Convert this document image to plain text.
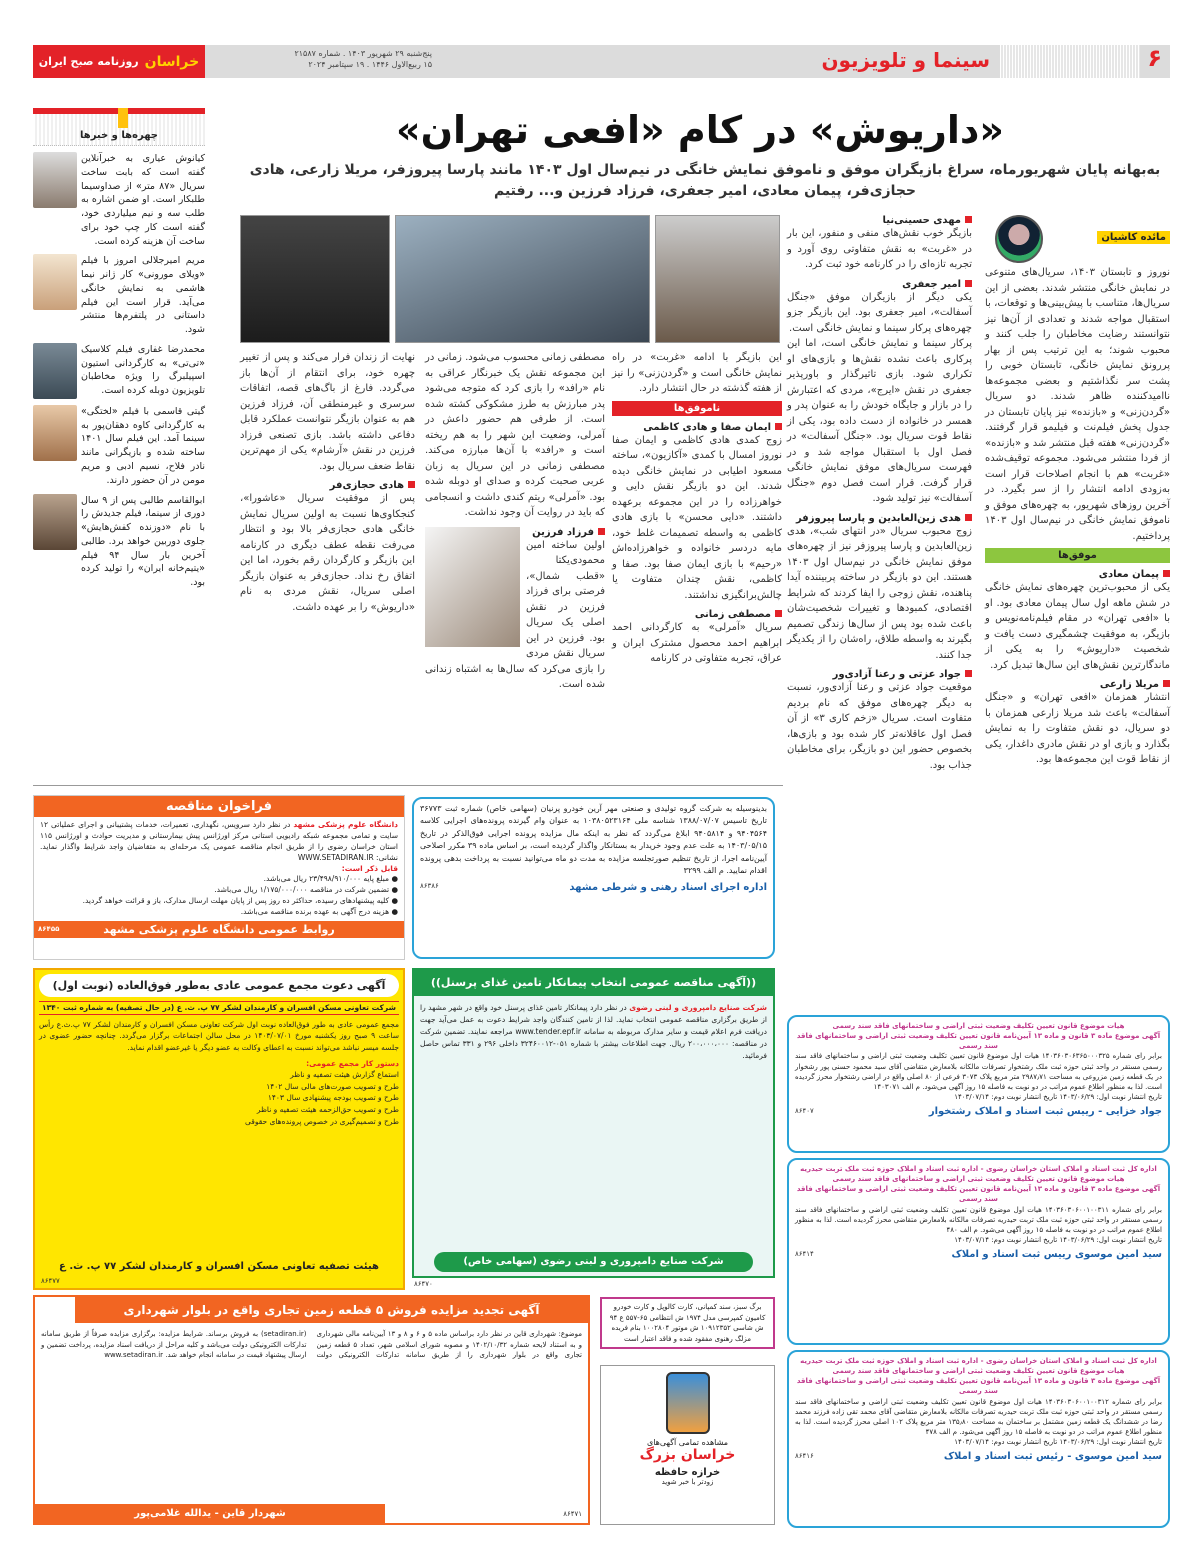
خراسان
روزنامه صبح ایران
پنج‌شنبه ۲۹ شهریور ۱۴۰۳ . شماره ۲۱۵۸۷
۱۵ ربیع‌الاول ۱۴۴۶ . ۱۹ سپتامبر ۲۰۲۴	سینما و تلویزیون	۶
چهره‌ها و خبرها

کیانوش عیاری به خبرآنلاین گفته است که بابت ساخت سریال «۸۷ متر» از صداوسیما طلبکار است. او ضمن اشاره به طلب سه و نیم میلیاردی خود، گفته است کار چپ خود برای ساخت آن هزینه کرده است.

مریم امیرجلالی امروز با فیلم «ویلای مورونی» کار ژانر نیما هاشمی به نمایش خانگی می‌آید. قرار است این فیلم داستانی در پلتفرم‌ها منتشر شود.

محمدرضا غفاری فیلم کلاسیک «تی‌تی» به کارگردانی استیون اسپیلبرگ را ویژه مخاطبان تلویزیون دوبله کرده است.

گیتی قاسمی با فیلم «لختگی» به کارگردانی کاوه دهقان‌پور به سینما آمد. این فیلم سال ۱۴۰۱ ساخته شده و بازیگرانی مانند نادر فلاح، نسیم ادبی و مریم مومن در آن حضور دارند.

ابوالقاسم طالبی پس از ۹ سال دوری از سینما، فیلم جدیدش را با نام «دوزنده کفش‌هایش» جلوی دوربین خواهد برد. طالبی آخرین بار سال ۹۴ فیلم «یتیم‌خانه ایران» را تولید کرده بود.

«داریوش» در کام «افعی تهران»
به‌بهانه پایان شهریورماه، سراغ بازیگران موفق و ناموفق نمایش خانگی در نیم‌سال اول ۱۴۰۳ مانند پارسا پیروزفر، مریلا زارعی، هادی حجازی‌فر، پیمان معادی، امیر جعفری، فرزاد فرزین و... رفتیم
مائده کاشیان

نوروز و تابستان ۱۴۰۳، سریال‌های متنوعی در نمایش خانگی منتشر شدند. بعضی از این سریال‌ها، متناسب با پیش‌بینی‌ها و توقعات، با استقبال مواجه شدند و تعدادی از آن‌ها نیز نتوانستند رضایت مخاطبان را جلب کنند و محبوب شوند؛ به این ترتیب پس از بهار پررونق نمایش خانگی، تابستان خوبی را پشت سر نگذاشتیم و بعضی مجموعه‌ها ناامیدکننده ظاهر شدند. دو سریال «گردن‌زنی» و «بازنده» نیز پایان تابستان در جدول پخش فیلم‌نت و فیلیمو قرار گرفتند. «گردن‌زنی» هفته قبل منتشر شد و «بازنده» از فردا منتشر می‌شود. مجموعه توقیف‌شده «غربت» هم با انجام اصلاحات قرار است به‌زودی ادامه انتشار را از سر بگیرد. در آخرین روزهای شهریور، به چهره‌های موفق و ناموفق نمایش خانگی در نیم‌سال اول ۱۴۰۳ پرداختیم.

موفق‌ها
پیمان معادی

یکی از محبوب‌ترین چهره‌های نمایش خانگی در شش ماهه اول سال پیمان معادی بود. او با «افعی تهران» در مقام فیلم‌نامه‌نویس و بازیگر، به موفقیت چشمگیری دست یافت و شخصیت «داریوش» را به یکی از ماندگارترین نقش‌های این سال‌ها تبدیل کرد.

مریلا زارعی

انتشار همزمان «افعی تهران» و «جنگل آسفالت» باعث شد مریلا زارعی همزمان با دو سریال، دو نقش متفاوت را به نمایش بگذارد و بازی او در نقش مادری داغدار، یکی از نقاط قوت این مجموعه‌ها بود.

مهدی حسینی‌نیا

بازیگر خوب نقش‌های منفی و منفور، این بار در «غربت» به نقش متفاوتی روی آورد و تجربه تازه‌ای را در کارنامه خود ثبت کرد.

امیر جعفری

یکی دیگر از بازیگران موفق «جنگل آسفالت»، امیر جعفری بود. این بازیگر جزو چهره‌های پرکار سینما و نمایش خانگی است.

پرکار سینما و نمایش خانگی است، اما این پرکاری باعث نشده نقش‌ها و بازی‌های او تکراری شود. بازی تاثیرگذار و باورپذیر جعفری در نقش «ایرج»، مردی که اعتبارش را در بازار و جایگاه خودش را به عنوان پدر و همسر در خانواده از دست داده بود، یکی از نقاط قوت سریال بود. «جنگل آسفالت» در فصل اول با استقبال مواجه شد و در فهرست سریال‌های موفق نمایش خانگی قرار گرفت. قرار است فصل دوم «جنگل آسفالت» نیز تولید شود.

هدی زین‌العابدین و پارسا پیروزفر

زوج محبوب سریال «در انتهای شب»، هدی زین‌العابدین و پارسا پیروزفر نیز از چهره‌های موفق نمایش خانگی در نیم‌سال اول ۱۴۰۳ هستند. این دو بازیگر در ساخته پربیننده آیدا پناهنده، نقش زوجی را ایفا کردند که شرایط اقتصادی، کمبودها و تغییرات شخصیت‌شان باعث شده بود پس از سال‌ها زندگی تصمیم بگیرند به واسطه طلاق، راه‌شان را از یکدیگر جدا کنند.

جواد عزتی و رعنا آزادی‌ور

موقعیت جواد عزتی و رعنا آزادی‌ور، نسبت به دیگر چهره‌های موفق که نام بردیم متفاوت است. سریال «زخم کاری ۳» از آن فصل اول عاقلانه‌تر کار شده بود و بازی‌ها، بخصوص حضور این دو بازیگر، برای مخاطبان جذاب بود.

این بازیگر با ادامه «غربت» در راه نمایش خانگی است و «گردن‌زنی» را نیز از هفته گذشته در حال انتشار دارد.

ناموفق‌ها
ایمان صفا و هادی کاظمی

زوج کمدی هادی کاظمی و ایمان صفا نوروز امسال با کمدی «آکازیون»، ساخته مسعود اطیابی در نمایش خانگی دیده شدند. این دو بازیگر نقش دایی و خواهرزاده را در این مجموعه برعهده داشتند. «دایی محسن» با بازی هادی کاظمی به واسطه تصمیمات غلط خود، مایه دردسر خانواده و خواهرزاده‌اش «رحیم» با بازی ایمان صفا بود. صفا و کاظمی، نقش چندان متفاوت یا چالش‌برانگیزی نداشتند.

مصطفی زمانی

سریال «آمرلی» به کارگردانی احمد ابراهیم احمد محصول مشترک ایران و عراق، تجربه متفاوتی در کارنامه

مصطفی زمانی محسوب می‌شود. زمانی در این مجموعه نقش یک خبرنگار عراقی به نام «رافد» را بازی کرد که متوجه می‌شود پدر مبارزش به طرز مشکوکی کشته شده است. از طرفی هم حضور داعش در آمرلی، وضعیت این شهر را به هم ریخته است و «رافد» با آن‌ها مبارزه می‌کند. مصطفی زمانی در این سریال به زبان عربی صحبت کرده و صدای او دوبله شده بود. «آمرلی» ریتم کندی داشت و انسجامی که باید در روایت آن وجود نداشت.

فرزاد فرزین

اولین ساخته امین محمودی‌یکتا «قطب شمال»، فرصتی برای فرزاد فرزین در نقش اصلی یک سریال بود. فرزین در این سریال نقش مردی را بازی می‌کرد که سال‌ها به اشتباه زندانی شده است.

نهایت از زندان فرار می‌کند و پس از تغییر چهره خود، برای انتقام از آن‌ها باز می‌گردد. فارغ از باگ‌های قصه، اتفاقات سرسری و غیرمنطقی آن، فرزاد فرزین هم به عنوان بازیگر نتوانست عملکرد قابل دفاعی داشته باشد. بازی تصنعی فرزاد فرزین در نقش «آرشام» یکی از مهم‌ترین نقاط ضعف سریال بود.

هادی حجازی‌فر

پس از موفقیت سریال «عاشورا»، کنجکاوی‌ها نسبت به اولین سریال نمایش خانگی هادی حجازی‌فر بالا بود و انتظار می‌رفت نقطه عطف دیگری در کارنامه این بازیگر و کارگردان رقم بخورد، اما این اتفاق رخ نداد. حجازی‌فر به عنوان بازیگر اصلی سریال، نقش مردی به نام «داریوش» را بر عهده داشت.

فراخوان مناقصه
دانشگاه علوم پزشکی مشهد در نظر دارد سرویس، نگهداری، تعمیرات، خدمات پشتیبانی و اجرای عملیاتی ۱۲ سایت و تمامی مجموعه شبکه رادیویی استانی مرکز اورژانس پیش بیمارستانی و مدیریت حوادث و اورژانس ۱۱۵ استان خراسان رضوی را از طریق انجام مناقصه عمومی یک مرحله‌ای به متقاضیان واجد شرایط واگذار نماید. نشانی: WWW.SETADIRAN.IR
قابل ذکر است:
● مبلغ پایه ۲۳/۴۹۸/۹۱۰/۰۰۰ ریال می‌باشد.
● تضمین شرکت در مناقصه ۱/۱۷۵/۰۰۰/۰۰۰ ریال می‌باشد.
● کلیه پیشنهادهای رسیده، حداکثر ده روز پس از پایان مهلت ارسال مدارک، باز و قرائت خواهد گردید.
● هزینه درج آگهی به عهده برنده مناقصه می‌باشد.
روابط عمومی دانشگاه علوم پزشکی مشهد
۸۶۴۵۵

بدینوسیله به شرکت گروه تولیدی و صنعتی مهر آرین خودرو پرنیان (سهامی خاص) شماره ثبت ۳۶۷۷۳ تاریخ تاسیس ۱۳۸۸/۰۷/۰۷ شناسه ملی ۱۰۳۸۰۵۲۳۱۶۴ به عنوان وام گیرنده پرونده‌های اجرایی کلاسه ۹۴۰۴۵۶۴ و ۹۴۰۵۸۱۴ ابلاغ می‌گردد که نظر به اینکه مال مزایده پرونده اجرایی فوق‌الذکر در تاریخ ۱۴۰۳/۰۵/۱۵ به علت عدم وجود خریدار به بستانکار واگذار گردیده است، بر اساس ماده ۳۹ مکرر اصلاحی آیین‌نامه اجرا، از تاریخ تنظیم صورتجلسه مزایده به مدت دو ماه می‌توانید نسبت به پرداخت بدهی پرونده اقدام نمایید. م الف ۳۲۹۹

اداره اجرای اسناد رهنی و شرطی مشهد
۸۶۳۸۶
آگهی دعوت مجمع عمومی عادی به‌طور فوق‌العاده (نوبت اول)
شرکت تعاونی مسکن افسران و کارمندان لشکر ۷۷ پ. ث. ع (در حال تصفیه) به شماره ثبت ۱۳۴۰

مجمع عمومی عادی به طور فوق‌العاده نوبت اول شرکت تعاونی مسکن افسران و کارمندان لشکر ۷۷ پ.ث.ع رأس ساعت ۹ صبح روز یکشنبه مورخ ۱۴۰۳/۰۷/۰۱ در محل سالن اجتماعات برگزار می‌گردد. چنانچه حضور عضوی در جلسه میسر نباشد می‌تواند نسبت به اعطای وکالت به عضو دیگر یا غیرعضو اقدام نماید.

دستور کار مجمع عمومی:
استماع گزارش هیئت تصفیه و ناظر
طرح و تصویب صورت‌های مالی سال ۱۴۰۲
طرح و تصویب بودجه پیشنهادی سال ۱۴۰۳
طرح و تصویب حق‌الزحمه هیئت تصفیه و ناظر
طرح و تصمیم‌گیری در خصوص پرونده‌های حقوقی
هیئت تصفیه تعاونی مسکن افسران و کارمندان لشکر ۷۷ پ. ث. ع
۸۶۴۷۷
((آگهی مناقصه عمومی انتخاب پیمانکار تامین غذای پرسنل))
شرکت صنایع دامپروری و لبنی رضوی در نظر دارد پیمانکار تامین غذای پرسنل خود واقع در شهر مشهد را از طریق برگزاری مناقصه عمومی انتخاب نماید. لذا از تامین کنندگان واجد شرایط دعوت به عمل می‌آید جهت دریافت فرم اعلام قیمت و سایر مدارک مربوطه به سامانه www.tender.epf.ir مراجعه نمایند. تضمین شرکت در مناقصه: ۲۰۰،۰۰۰،۰۰۰ ریال. جهت اطلاعات بیشتر با شماره ۰۵۱-۳۲۴۶۰۰۱۲ داخلی ۲۹۶ و ۳۳۱ تماس حاصل فرمائید.
شرکت صنایع دامپروری و لبنی رضوی (سهامی خاص)
۸۶۴۷۰
آگهی تجدید مزایده فروش ۵ قطعه زمین تجاری واقع در بلوار شهرداری

موضوع: شهرداری قاین در نظر دارد براساس ماده ۵ و ۶ و ۸ و ۱۳ آیین‌نامه مالی شهرداری و به استناد لایحه شماره ۱۴۰۲/۱۰/۳۲ و مصوبه شورای اسلامی شهر، تعداد ۵ قطعه زمین تجاری واقع در بلوار شهرداری را از طریق سامانه تدارکات الکترونیکی دولت (setadiran.ir) به فروش برساند. شرایط مزایده: برگزاری مزایده صرفاً از طریق سامانه تدارکات الکترونیکی دولت می‌باشد و کلیه مراحل از دریافت اسناد مزایده، پرداخت تضمین و ارسال پیشنهاد قیمت در سامانه انجام خواهد شد. www.setadiran.ir

شهردار قاین - یدالله غلامی‌پور	۸۶۴۷۱

برگ سبز، سند کمپانی، کارت کالوپل و کارت خودرو کامیون کمپرسی مدل ۱۹۷۴ ش انتظامی ۶۵-۵۵۷ ع ۹۴ ش شاسی ۱۰۹۱۲۳۵۲ ش موتور ۱۰۰۲۸۰۴ بنام فریده مزلگ رهنوی مفقود شده و فاقد اعتبار است

مشاهده تمامی آگهی‌های
خراسان بزرگ
خرازه حافظه
زودتر با خبر شوید
هیات موضوع قانون تعیین تکلیف وضعیت ثبتی اراضی و ساختمانهای فاقد سند رسمی
آگهی موضوع ماده ۳ قانون و ماده ۱۳ آیین‌نامه قانون تعیین تکلیف وضعیت ثبتی اراضی و ساختمانهای فاقد سند رسمی

برابر رای شماره ۱۴۰۳۶۰۳۰۶۳۶۵۰۰۰۳۲۵ هیات اول موضوع قانون تعیین تکلیف وضعیت ثبتی اراضی و ساختمانهای فاقد سند رسمی مستقر در واحد ثبتی حوزه ثبت ملک رشتخوار تصرفات مالکانه بلامعارض متقاضی آقای سید محمود حسنی پور رشخوار در یک قطعه زمین مزروعی به مساحت ۲۹۸۷٫۷۱ متر مربع پلاک ۳۰۷۳ فرعی از ۸۰ اصلی واقع در اراضی رشتخوار محرز گردیده است. لذا به منظور اطلاع عموم مراتب در دو نوبت به فاصله ۱۵ روز آگهی می‌شود. م الف ۱۴۰۳۰۷۱

تاریخ انتشار نوبت اول: ۱۴۰۳/۰۶/۲۹ تاریخ انتشار نوبت دوم: ۱۴۰۳/۰۷/۱۴
جواد خزایی - رییس ثبت اسناد و املاک رشتخوار
۸۶۴۰۷
اداره کل ثبت اسناد و املاک استان خراسان رضوی - اداره ثبت اسناد و املاک حوزه ثبت ملک تربت حیدریه
هیات موضوع قانون تعیین تکلیف وضعیت ثبتی اراضی و ساختمانهای فاقد سند رسمی
آگهی موضوع ماده ۳ قانون و ماده ۱۳ آیین‌نامه قانون تعیین تکلیف وضعیت ثبتی اراضی و ساختمانهای فاقد سند رسمی

برابر رای شماره ۱۴۰۳۶۰۳۰۶۰۰۱۰۰۳۱۱ هیات اول موضوع قانون تعیین تکلیف وضعیت ثبتی اراضی و ساختمانهای فاقد سند رسمی مستقر در واحد ثبتی حوزه ثبت ملک تربت حیدریه تصرفات مالکانه بلامعارض متقاضی محرز گردیده است. لذا به منظور اطلاع عموم مراتب در دو نوبت به فاصله ۱۵ روز آگهی می‌شود. م الف ۴۸۰

تاریخ انتشار نوبت اول: ۱۴۰۳/۰۶/۲۹ تاریخ انتشار نوبت دوم: ۱۴۰۳/۰۷/۱۴
سید امین موسوی رییس ثبت اسناد و املاک
۸۶۴۱۴
اداره کل ثبت اسناد و املاک استان خراسان رضوی - اداره ثبت اسناد و املاک حوزه ثبت ملک تربت حیدریه
هیات موضوع قانون تعیین تکلیف وضعیت ثبتی اراضی و ساختمانهای فاقد سند رسمی
آگهی موضوع ماده ۳ قانون و ماده ۱۳ آیین‌نامه قانون تعیین تکلیف وضعیت ثبتی اراضی و ساختمانهای فاقد سند رسمی

برابر رای شماره ۱۴۰۳۶۰۳۰۶۰۰۱۰۰۳۱۲ هیات اول موضوع قانون تعیین تکلیف وضعیت ثبتی اراضی و ساختمانهای فاقد سند رسمی مستقر در واحد ثبتی حوزه ثبت ملک تربت حیدریه تصرفات مالکانه بلامعارض متقاضی آقای محمد تقی زاده فرزند محمد رضا در ششدانگ یک قطعه زمین مشتمل بر ساختمان به مساحت ۱۳۵٫۸۰ متر مربع پلاک ۱۰۲ اصلی محرز گردیده است. لذا به منظور اطلاع عموم مراتب در دو نوبت به فاصله ۱۵ روز آگهی می‌شود. م الف ۴۷۸

تاریخ انتشار نوبت اول: ۱۴۰۳/۰۶/۲۹ تاریخ انتشار نوبت دوم: ۱۴۰۳/۰۷/۱۴
سید امین موسوی - رئیس ثبت اسناد و املاک
۸۶۴۱۶
